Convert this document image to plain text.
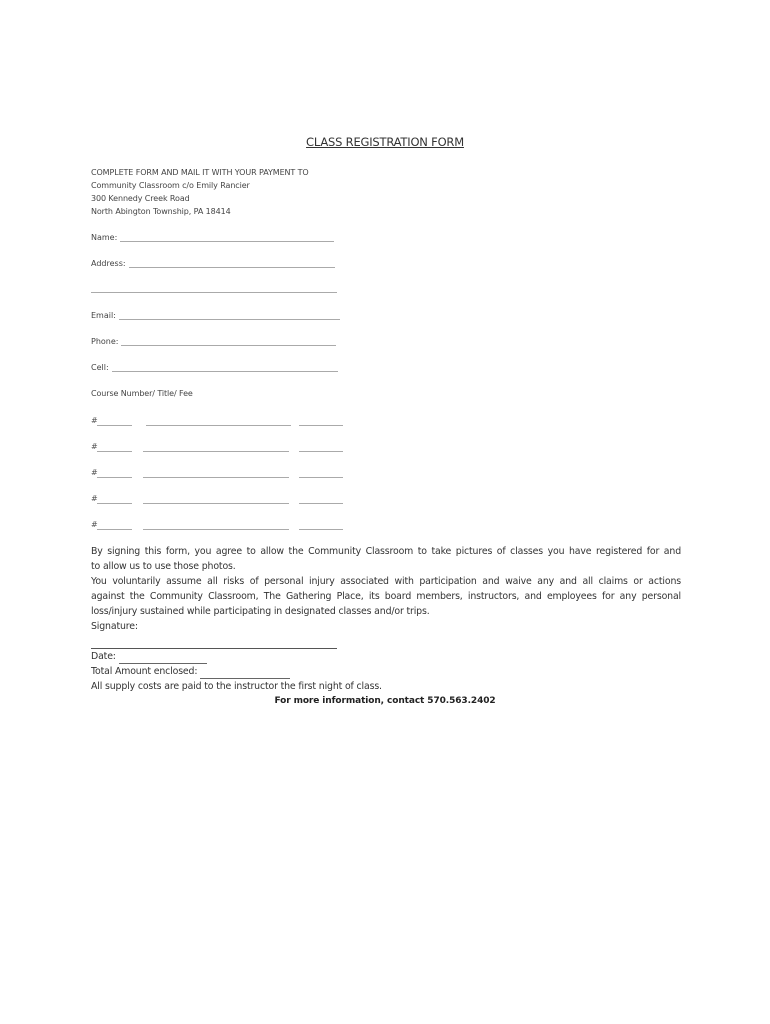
CLASS REGISTRATION FORM
COMPLETE FORM AND MAIL IT WITH YOUR PAYMENT TO
Community Classroom c/o Emily Rancier
300 Kennedy Creek Road
North Abington Township, PA 18414
Name:
Address:
Email:
Phone:
Cell:
Course Number/ Title/ Fee
#
#
#
#
#
By signing this form, you agree to allow the Community Classroom to take pictures of classes you have registered for and
to allow us to use those photos.
You voluntarily assume all risks of personal injury associated with participation and waive any and all claims or actions
against the Community Classroom, The Gathering Place, its board members, instructors, and employees for any personal
loss/injury sustained while participating in designated classes and/or trips.
Signature:
Date:
Total Amount enclosed:
All supply costs are paid to the instructor the first night of class.
For more information, contact 570.563.2402
